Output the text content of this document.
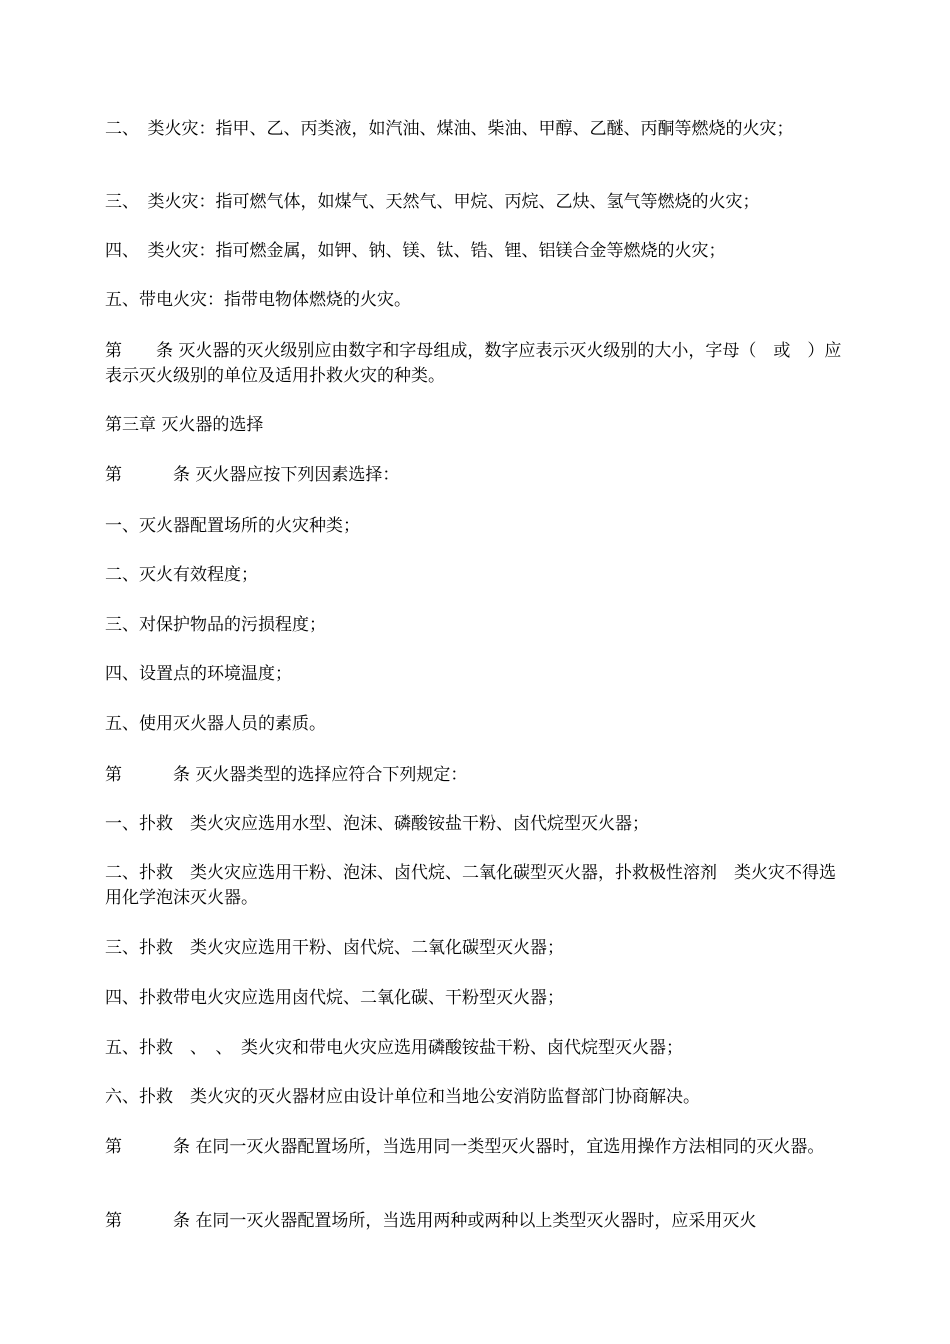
二、　类火灾：指甲、乙、丙类液，如汽油、煤油、柴油、甲醇、乙醚、丙酮等燃烧的火灾；

三、　类火灾：指可燃气体，如煤气、天然气、甲烷、丙烷、乙炔、氢气等燃烧的火灾；

四、　类火灾：指可燃金属，如钾、钠、镁、钛、锆、锂、铝镁合金等燃烧的火灾；

五、带电火灾：指带电物体燃烧的火灾。

第　　条 灭火器的灭火级别应由数字和字母组成，数字应表示灭火级别的大小，字母（　或　）应表示灭火级别的单位及适用扑救火灾的种类。

第三章 灭火器的选择

第　　　条 灭火器应按下列因素选择：

一、灭火器配置场所的火灾种类；

二、灭火有效程度；

三、对保护物品的污损程度；

四、设置点的环境温度；

五、使用灭火器人员的素质。

第　　　条 灭火器类型的选择应符合下列规定：

一、扑救　类火灾应选用水型、泡沫、磷酸铵盐干粉、卤代烷型灭火器；

二、扑救　类火灾应选用干粉、泡沫、卤代烷、二氧化碳型灭火器，扑救极性溶剂　类火灾不得选用化学泡沫灭火器。

三、扑救　类火灾应选用干粉、卤代烷、二氧化碳型灭火器；

四、扑救带电火灾应选用卤代烷、二氧化碳、干粉型灭火器；

五、扑救　、　、　类火灾和带电火灾应选用磷酸铵盐干粉、卤代烷型灭火器；

六、扑救　类火灾的灭火器材应由设计单位和当地公安消防监督部门协商解决。

第　　　条 在同一灭火器配置场所，当选用同一类型灭火器时，宜选用操作方法相同的灭火器。

第　　　条 在同一灭火器配置场所，当选用两种或两种以上类型灭火器时，应采用灭火
